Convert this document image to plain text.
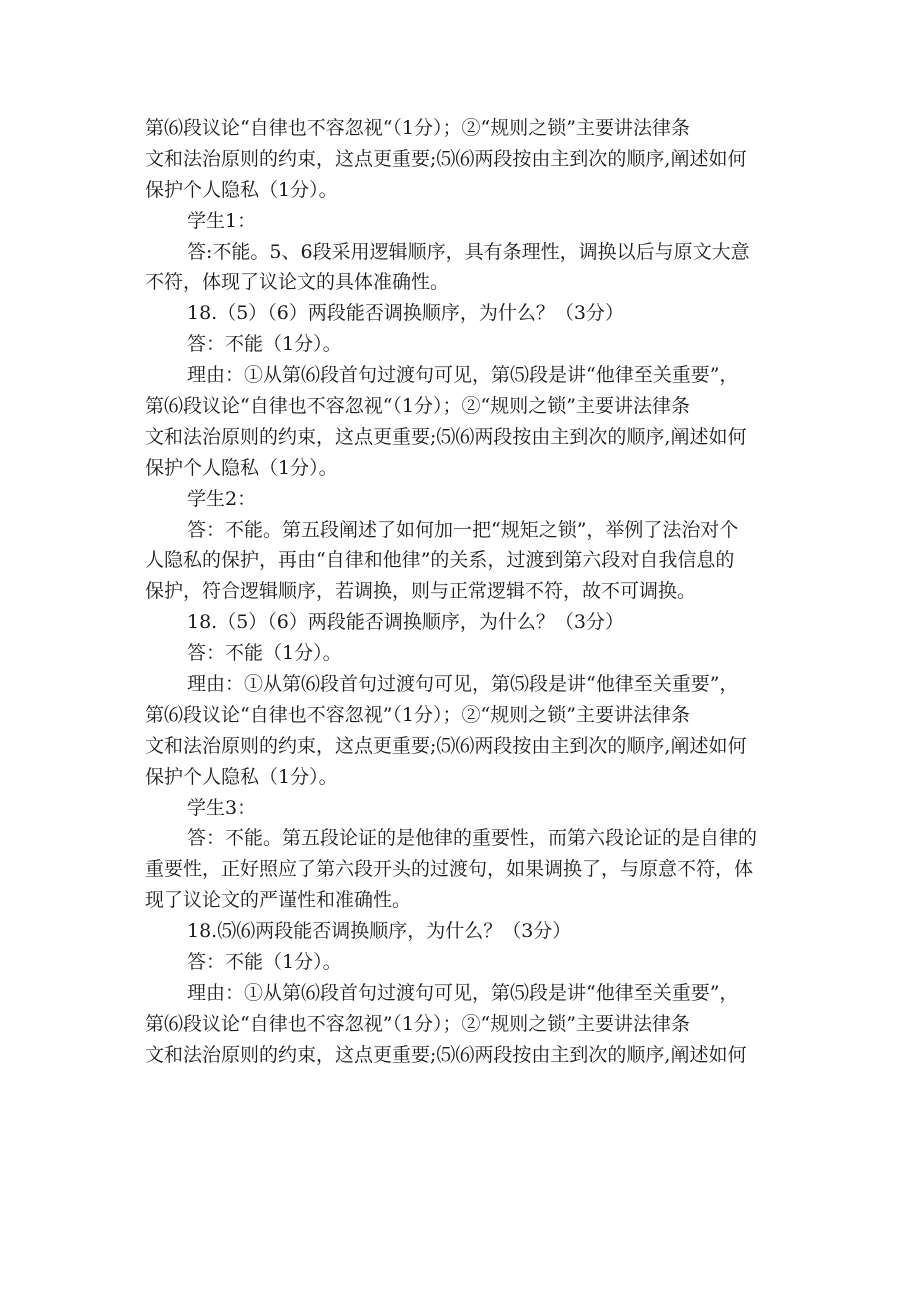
第⑹段议论“自律也不容忽视“（1分）；②“规则之锁”主要讲法律条
文和法治原则的约束，这点更重要;⑸⑹两段按由主到次的顺序,阐述如何
保护个人隐私（1分）。
学生1：
答:不能。5、6段采用逻辑顺序，具有条理性，调换以后与原文大意
不符，体现了议论文的具体准确性。
18.（5）（6）两段能否调换顺序，为什么？（3分）
答：不能（1分）。
理由：①从第⑹段首句过渡句可见，第⑸段是讲“他律至关重要”，
第⑹段议论“自律也不容忽视“（1分）；②“规则之锁”主要讲法律条
文和法治原则的约束，这点更重要;⑸⑹两段按由主到次的顺序,阐述如何
保护个人隐私（1分）。
学生2：
答：不能。第五段阐述了如何加一把“规矩之锁”，举例了法治对个
人隐私的保护，再由“自律和他律”的关系，过渡到第六段对自我信息的
保护，符合逻辑顺序，若调换，则与正常逻辑不符，故不可调换。
18.（5）（6）两段能否调换顺序，为什么？（3分）
答：不能（1分）。
理由：①从第⑹段首句过渡句可见，第⑸段是讲“他律至关重要”，
第⑹段议论“自律也不容忽视”（1分）；②“规则之锁”主要讲法律条
文和法治原则的约束，这点更重要;⑸⑹两段按由主到次的顺序,阐述如何
保护个人隐私（1分）。
学生3：
答：不能。第五段论证的是他律的重要性，而第六段论证的是自律的
重要性，正好照应了第六段开头的过渡句，如果调换了，与原意不符，体
现了议论文的严谨性和准确性。
18.⑸⑹两段能否调换顺序，为什么？（3分）
答：不能（1分）。
理由：①从第⑹段首句过渡句可见，第⑸段是讲“他律至关重要”，
第⑹段议论“自律也不容忽视”（1分）；②“规则之锁”主要讲法律条
文和法治原则的约束，这点更重要;⑸⑹两段按由主到次的顺序,阐述如何
